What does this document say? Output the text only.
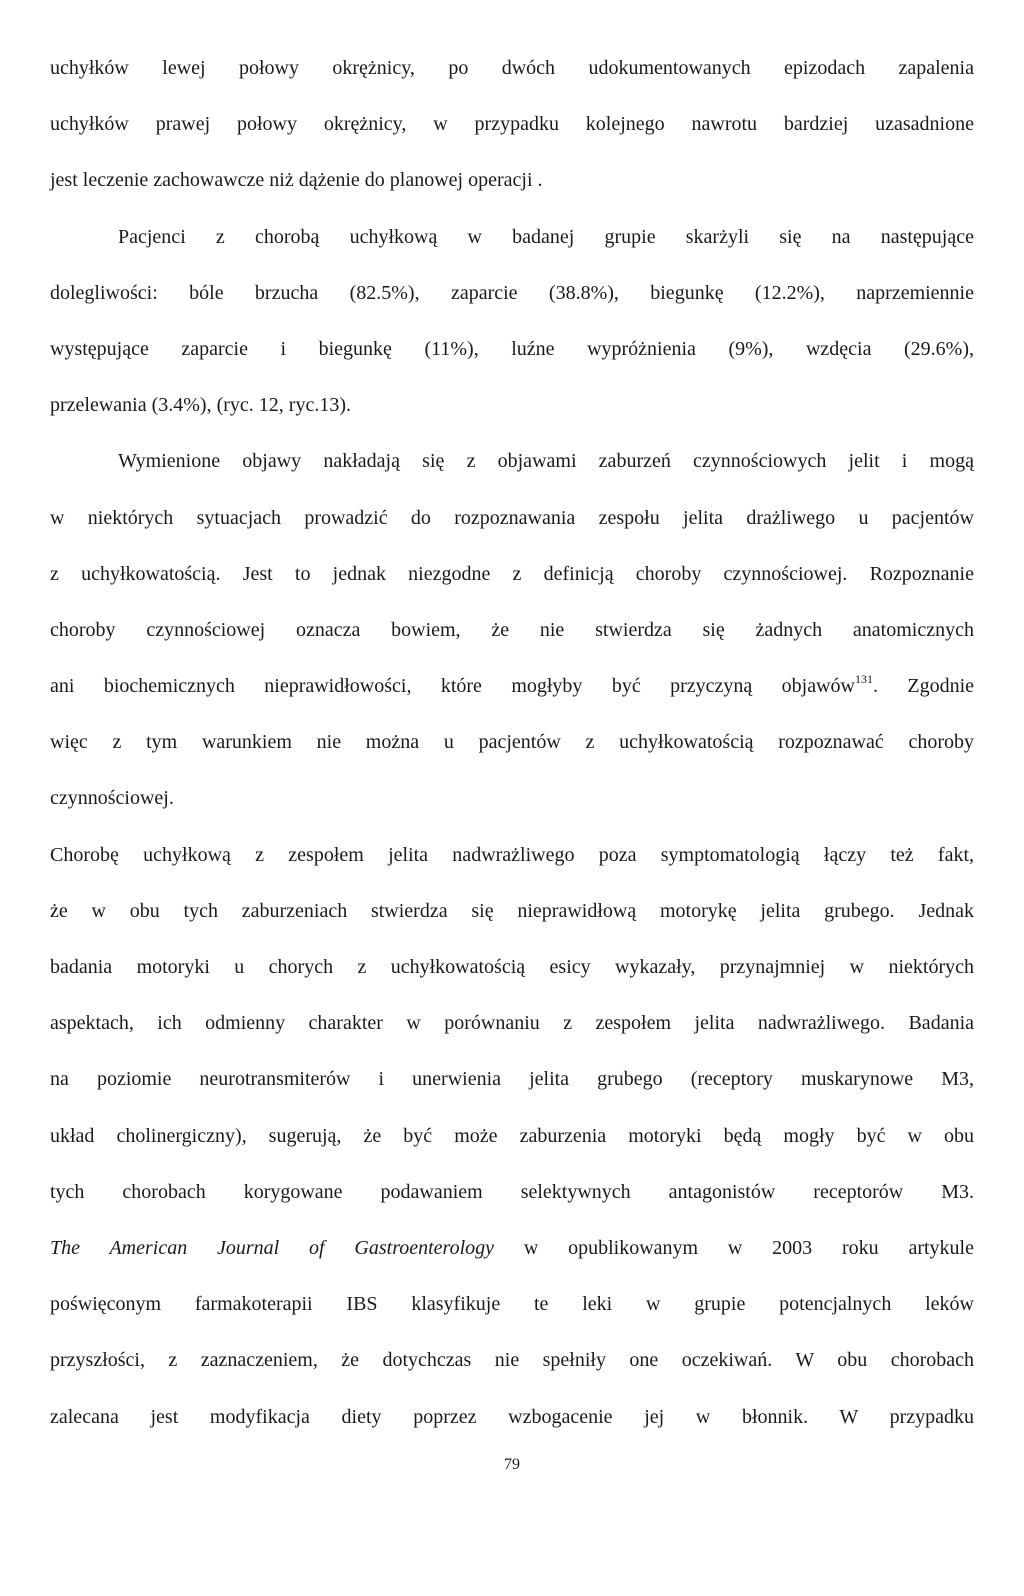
uchyłków lewej połowy okrężnicy, po dwóch udokumentowanych epizodach zapalenia
uchyłków prawej połowy okrężnicy, w przypadku kolejnego nawrotu bardziej uzasadnione
jest leczenie zachowawcze niż dążenie do planowej operacji .
Pacjenci z chorobą uchyłkową w badanej grupie skarżyli się na następujące
dolegliwości: bóle brzucha (82.5%), zaparcie (38.8%), biegunkę (12.2%), naprzemiennie
występujące zaparcie i biegunkę (11%), luźne wypróżnienia (9%), wzdęcia (29.6%),
przelewania (3.4%), (ryc. 12, ryc.13).
Wymienione objawy nakładają się z objawami zaburzeń czynnościowych jelit i mogą
w niektórych sytuacjach prowadzić do rozpoznawania zespołu jelita drażliwego u pacjentów
z uchyłkowatością. Jest to jednak niezgodne z definicją choroby czynnościowej. Rozpoznanie
choroby czynnościowej oznacza bowiem, że nie stwierdza się żadnych anatomicznych
ani biochemicznych nieprawidłowości, które mogłyby być przyczyną objawów$^{131}$. Zgodnie
więc z tym warunkiem nie można u pacjentów z uchyłkowatością rozpoznawać choroby
czynnościowej.
Chorobę uchyłkową z zespołem jelita nadwrażliwego poza symptomatologią łączy też fakt,
że w obu tych zaburzeniach stwierdza się nieprawidłową motorykę jelita grubego. Jednak
badania motoryki u chorych z uchyłkowatością esicy wykazały, przynajmniej w niektórych
aspektach, ich odmienny charakter w porównaniu z zespołem jelita nadwrażliwego. Badania
na poziomie neurotransmiterów i unerwienia jelita grubego (receptory muskarynowe M3,
układ cholinergiczny), sugerują, że być może zaburzenia motoryki będą mogły być w obu
tych chorobach korygowane podawaniem selektywnych antagonistów receptorów M3.
The American Journal of Gastroenterology w opublikowanym w 2003 roku artykule
poświęconym farmakoterapii IBS klasyfikuje te leki w grupie potencjalnych leków
przyszłości, z zaznaczeniem, że dotychczas nie spełniły one oczekiwań. W obu chorobach
zalecana jest modyfikacja diety poprzez wzbogacenie jej w błonnik. W przypadku
79
